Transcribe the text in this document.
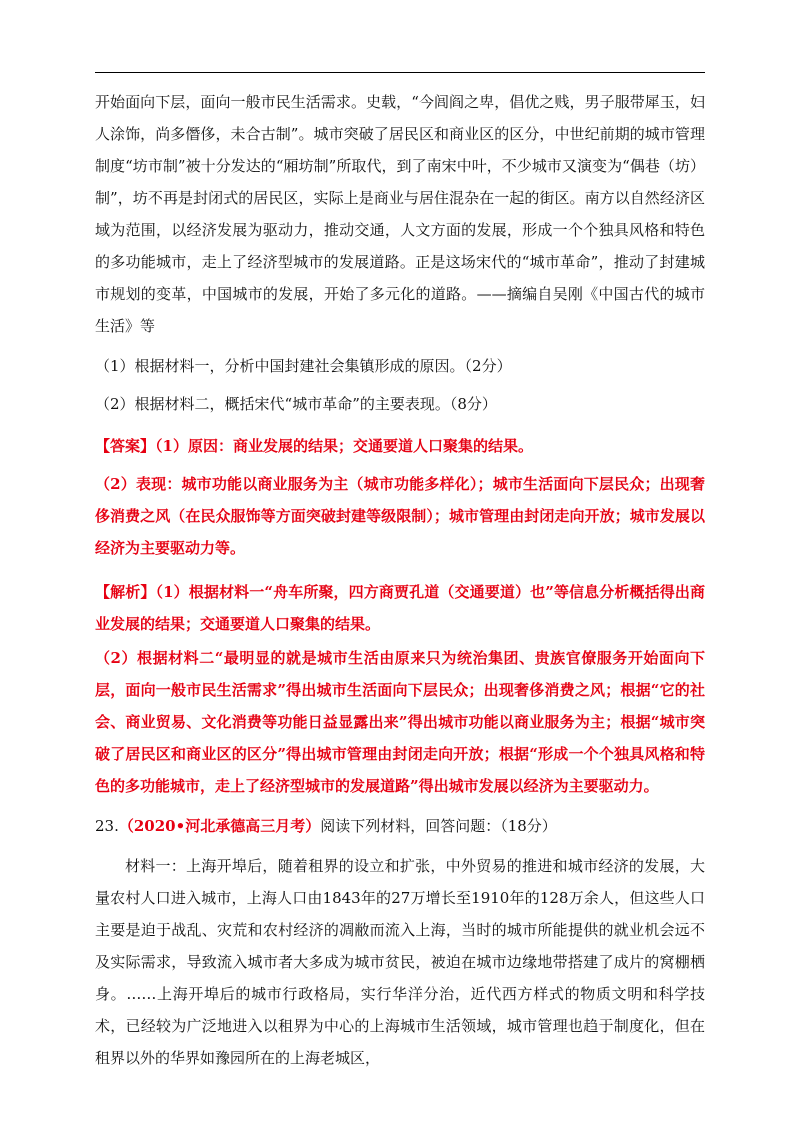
开始面向下层，面向一般市民生活需求。史载，“今闾阎之卑，倡优之贱，男子服带犀玉，妇人涂饰，尚多僭侈，未合古制”。城市突破了居民区和商业区的区分，中世纪前期的城市管理制度“坊市制”被十分发达的“厢坊制”所取代，到了南宋中叶，不少城市又演变为“偶巷（坊）制”，坊不再是封闭式的居民区，实际上是商业与居住混杂在一起的街区。南方以自然经济区域为范围，以经济发展为驱动力，推动交通，人文方面的发展，形成一个个独具风格和特色的多功能城市，走上了经济型城市的发展道路。正是这场宋代的“城市革命”，推动了封建城市规划的变革，中国城市的发展，开始了多元化的道路。——摘编自吴刚《中国古代的城市生活》等

（1）根据材料一，分析中国封建社会集镇形成的原因。（2分）

（2）根据材料二，概括宋代“城市革命”的主要表现。（8分）

【答案】（1）原因：商业发展的结果；交通要道人口聚集的结果。

（2）表现：城市功能以商业服务为主（城市功能多样化）；城市生活面向下层民众；出现奢侈消费之风（在民众服饰等方面突破封建等级限制）；城市管理由封闭走向开放；城市发展以经济为主要驱动力等。

【解析】（1）根据材料一“舟车所聚，四方商贾孔道（交通要道）也”等信息分析概括得出商业发展的结果；交通要道人口聚集的结果。

（2）根据材料二“最明显的就是城市生活由原来只为统治集团、贵族官僚服务开始面向下层，面向一般市民生活需求”得出城市生活面向下层民众；出现奢侈消费之风；根据“它的社会、商业贸易、文化消费等功能日益显露出来”得出城市功能以商业服务为主；根据“城市突破了居民区和商业区的区分”得出城市管理由封闭走向开放；根据“形成一个个独具风格和特色的多功能城市，走上了经济型城市的发展道路”得出城市发展以经济为主要驱动力。

23.（2020•河北承德高三月考）阅读下列材料，回答问题：（18分）

材料一：上海开埠后，随着租界的设立和扩张，中外贸易的推进和城市经济的发展，大量农村人口进入城市，上海人口由1843年的27万增长至1910年的128万余人，但这些人口主要是迫于战乱、灾荒和农村经济的凋敝而流入上海，当时的城市所能提供的就业机会远不及实际需求，导致流入城市者大多成为城市贫民，被迫在城市边缘地带搭建了成片的窝棚栖身。……上海开埠后的城市行政格局，实行华洋分治，近代西方样式的物质文明和科学技术，已经较为广泛地进入以租界为中心的上海城市生活领域，城市管理也趋于制度化，但在租界以外的华界如豫园所在的上海老城区，
